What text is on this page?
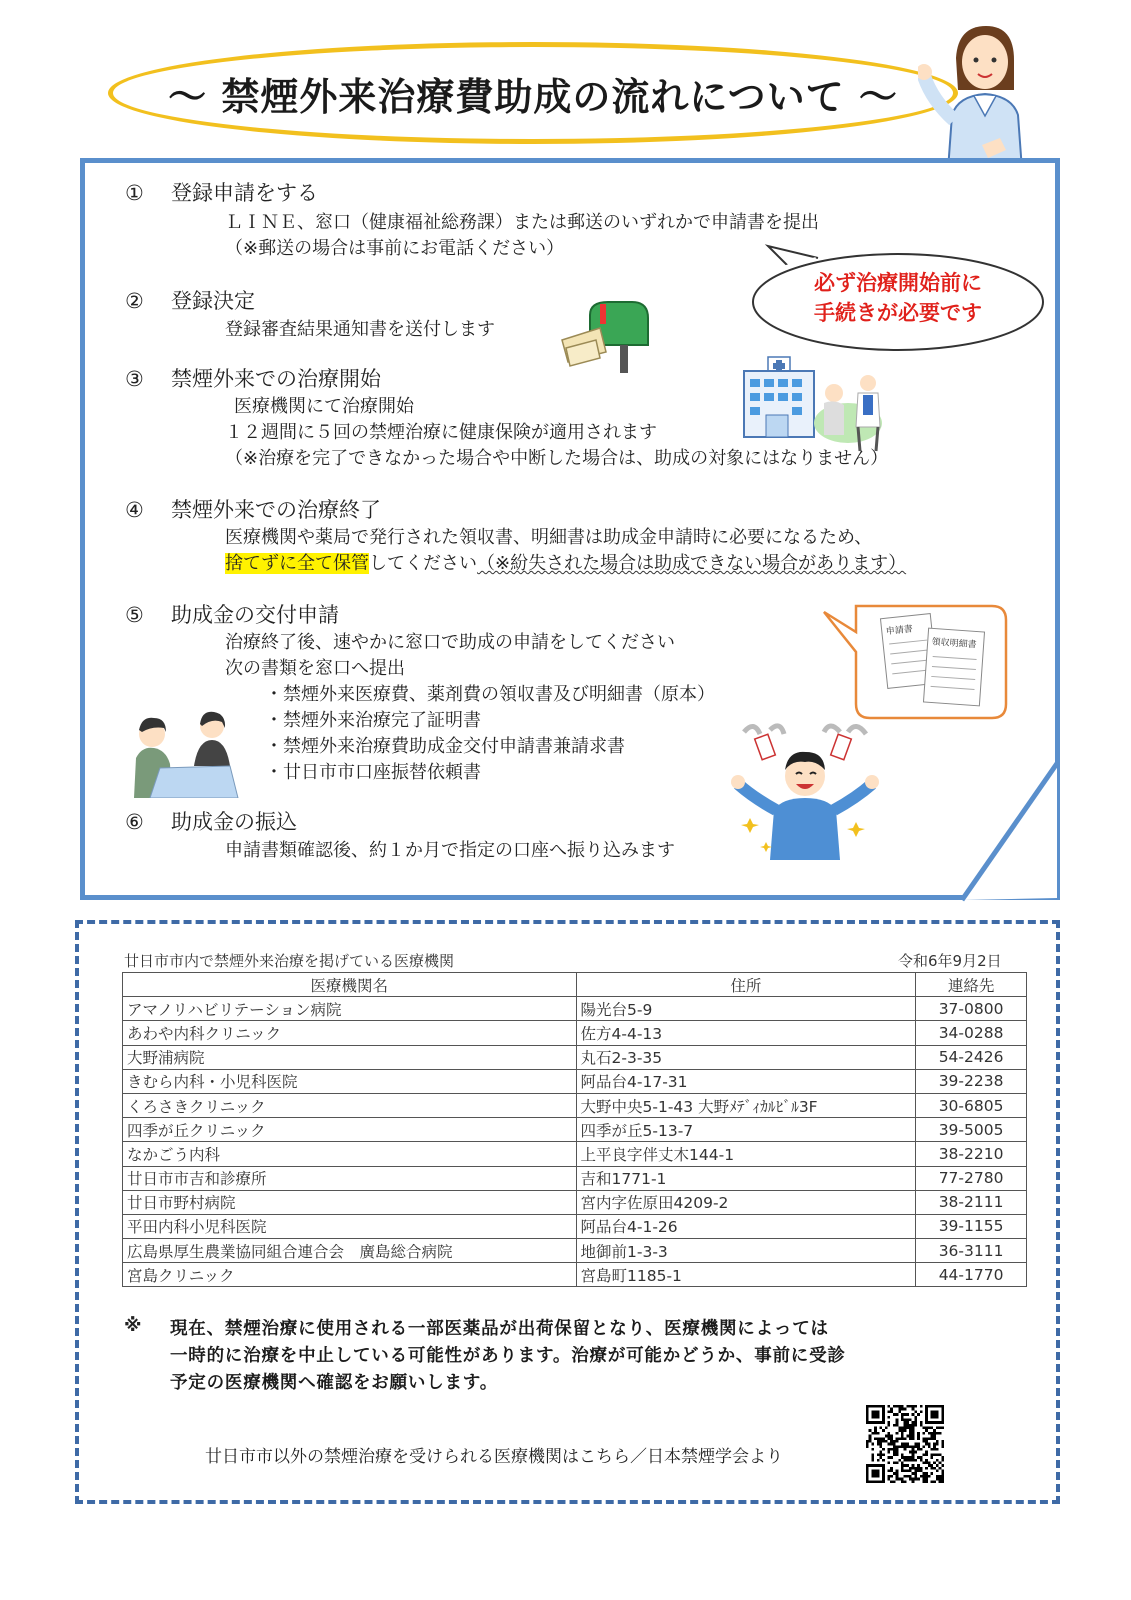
～ 禁煙外来治療費助成の流れについて ～
① 登録申請をする
ＬＩＮＥ、窓口（健康福祉総務課）または郵送のいずれかで申請書を提出
（※郵送の場合は事前にお電話ください）
必ず治療開始前に
手続きが必要です
② 登録決定
登録審査結果通知書を送付します
③ 禁煙外来での治療開始
医療機関にて治療開始
１２週間に５回の禁煙治療に健康保険が適用されます
（※治療を完了できなかった場合や中断した場合は、助成の対象にはなりません）
④ 禁煙外来での治療終了
医療機関や薬局で発行された領収書、明細書は助成金申請時に必要になるため、
捨てずに全て保管してください（※紛失された場合は助成できない場合があります）
⑤ 助成金の交付申請
治療終了後、速やかに窓口で助成の申請をしてください
次の書類を窓口へ提出
・禁煙外来医療費、薬剤費の領収書及び明細書（原本）
・禁煙外来治療完了証明書
・禁煙外来治療費助成金交付申請書兼請求書
・廿日市市口座振替依頼書
申請書
領収明細書
⑥ 助成金の振込
申請書類確認後、約１か月で指定の口座へ振り込みます
廿日市市内で禁煙外来治療を掲げている医療機関	令和6年9月2日
医療機関名	住所	連絡先
アマノリハビリテーション病院	陽光台5-9	37-0800
あわや内科クリニック	佐方4-4-13	34-0288
大野浦病院	丸石2-3-35	54-2426
きむら内科・小児科医院	阿品台4-17-31	39-2238
くろさきクリニック	大野中央5-1-43 大野ﾒﾃﾞｨｶﾙﾋﾞﾙ3F	30-6805
四季が丘クリニック	四季が丘5-13-7	39-5005
なかごう内科	上平良字伴丈木144-1	38-2210
廿日市市吉和診療所	吉和1771-1	77-2780
廿日市野村病院	宮内字佐原田4209-2	38-2111
平田内科小児科医院	阿品台4-1-26	39-1155
広島県厚生農業協同組合連合会　廣島総合病院	地御前1-3-3	36-3111
宮島クリニック	宮島町1185-1	44-1770
※ 現在、禁煙治療に使用される一部医薬品が出荷保留となり、医療機関によっては
一時的に治療を中止している可能性があります。治療が可能かどうか、事前に受診
予定の医療機関へ確認をお願いします。
廿日市市以外の禁煙治療を受けられる医療機関はこちら／日本禁煙学会より
